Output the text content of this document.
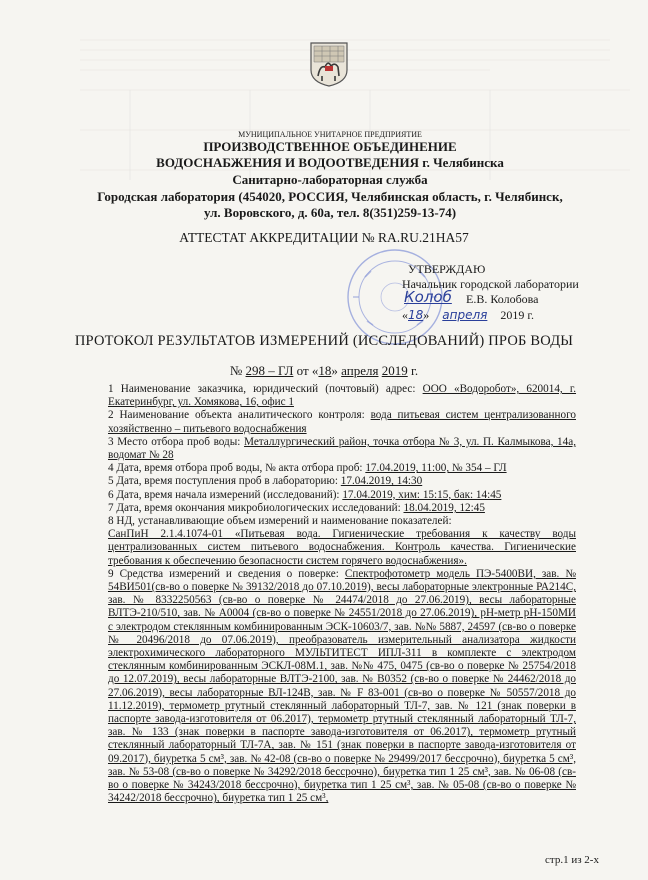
МУНИЦИПАЛЬНОЕ УНИТАРНОЕ ПРЕДПРИЯТИЕ
ПРОИЗВОДСТВЕННОЕ ОБЪЕДИНЕНИЕ
ВОДОСНАБЖЕНИЯ И ВОДООТВЕДЕНИЯ г. Челябинска
Санитарно-лабораторная служба
Городская лаборатория (454020, РОССИЯ, Челябинская область, г. Челябинск,
ул. Воровского, д. 60а, тел. 8(351)259-13-74)
АТТЕСТАТ АККРЕДИТАЦИИ № RA.RU.21НА57
УТВЕРЖДАЮ
Начальник городской лаборатории
Колоб Е.В. Колобова
«18» апреля 2019 г.
ПРОТОКОЛ РЕЗУЛЬТАТОВ ИЗМЕРЕНИЙ (ИССЛЕДОВАНИЙ) ПРОБ ВОДЫ
№ 298 – ГЛ от «18» апреля 2019 г.

1 Наименование заказчика, юридический (почтовый) адрес: ООО «Водоробот», 620014, г. Екатеринбург, ул. Хомякова, 16, офис 1

2 Наименование объекта аналитического контроля: вода питьевая систем централизованного хозяйственно – питьевого водоснабжения

3 Место отбора проб воды: Металлургический район, точка отбора № 3, ул. П. Калмыкова, 14а, водомат № 28

4 Дата, время отбора проб воды, № акта отбора проб: 17.04.2019, 11:00, № 354 – ГЛ

5 Дата, время поступления проб в лабораторию: 17.04.2019, 14:30

6 Дата, время начала измерений (исследований): 17.04.2019, хим: 15:15, бак: 14:45

7 Дата, время окончания микробиологических исследований: 18.04.2019, 12:45

8 НД, устанавливающие объем измерений и наименование показателей:

СанПиН 2.1.4.1074-01 «Питьевая вода. Гигиенические требования к качеству воды централизованных систем питьевого водоснабжения. Контроль качества. Гигиенические требования к обеспечению безопасности систем горячего водоснабжения».

9 Средства измерений и сведения о поверке: Спектрофотометр модель ПЭ-5400ВИ, зав. № 54ВИ501(св-во о поверке № 39132/2018 до 07.10.2019), весы лабораторные электронные РА214С, зав. № 8332250563 (св-во о поверке № 24474/2018 до 27.06.2019), весы лабораторные ВЛТЭ-210/510, зав. № А0004 (св-во о поверке № 24551/2018 до 27.06.2019), рН-метр рН-150МИ с электродом стеклянным комбинированным ЭСК-10603/7, зав. №№ 5887, 24597 (св-во о поверке № 20496/2018 до 07.06.2019), преобразователь измерительный анализатора жидкости электрохимического лабораторного МУЛЬТИТЕСТ ИПЛ-311 в комплекте с электродом стеклянным комбинированным ЭСКЛ-08М.1, зав. №№ 475, 0475 (св-во о поверке № 25754/2018 до 12.07.2019), весы лабораторные ВЛТЭ-2100, зав. № В0352 (св-во о поверке № 24462/2018 до 27.06.2019), весы лабораторные ВЛ-124В, зав. № F 83-001 (св-во о поверке № 50557/2018 до 11.12.2019), термометр ртутный стеклянный лабораторный ТЛ-7, зав. № 121 (знак поверки в паспорте завода-изготовителя от 06.2017), термометр ртутный стеклянный лабораторный ТЛ-7, зав. № 133 (знак поверки в паспорте завода-изготовителя от 06.2017), термометр ртутный стеклянный лабораторный ТЛ-7А, зав. № 151 (знак поверки в паспорте завода-изготовителя от 09.2017), биуретка 5 см³, зав. № 42-08 (св-во о поверке № 29499/2017 бессрочно), биуретка 5 см³, зав. № 53-08 (св-во о поверке № 34292/2018 бессрочно), биуретка тип 1 25 см³, зав. № 06-08 (св-во о поверке № 34243/2018 бессрочно), биуретка тип 1 25 см³, зав. № 05-08 (св-во о поверке № 34242/2018 бессрочно), биуретка тип 1 25 см³,

стр.1 из 2-х
